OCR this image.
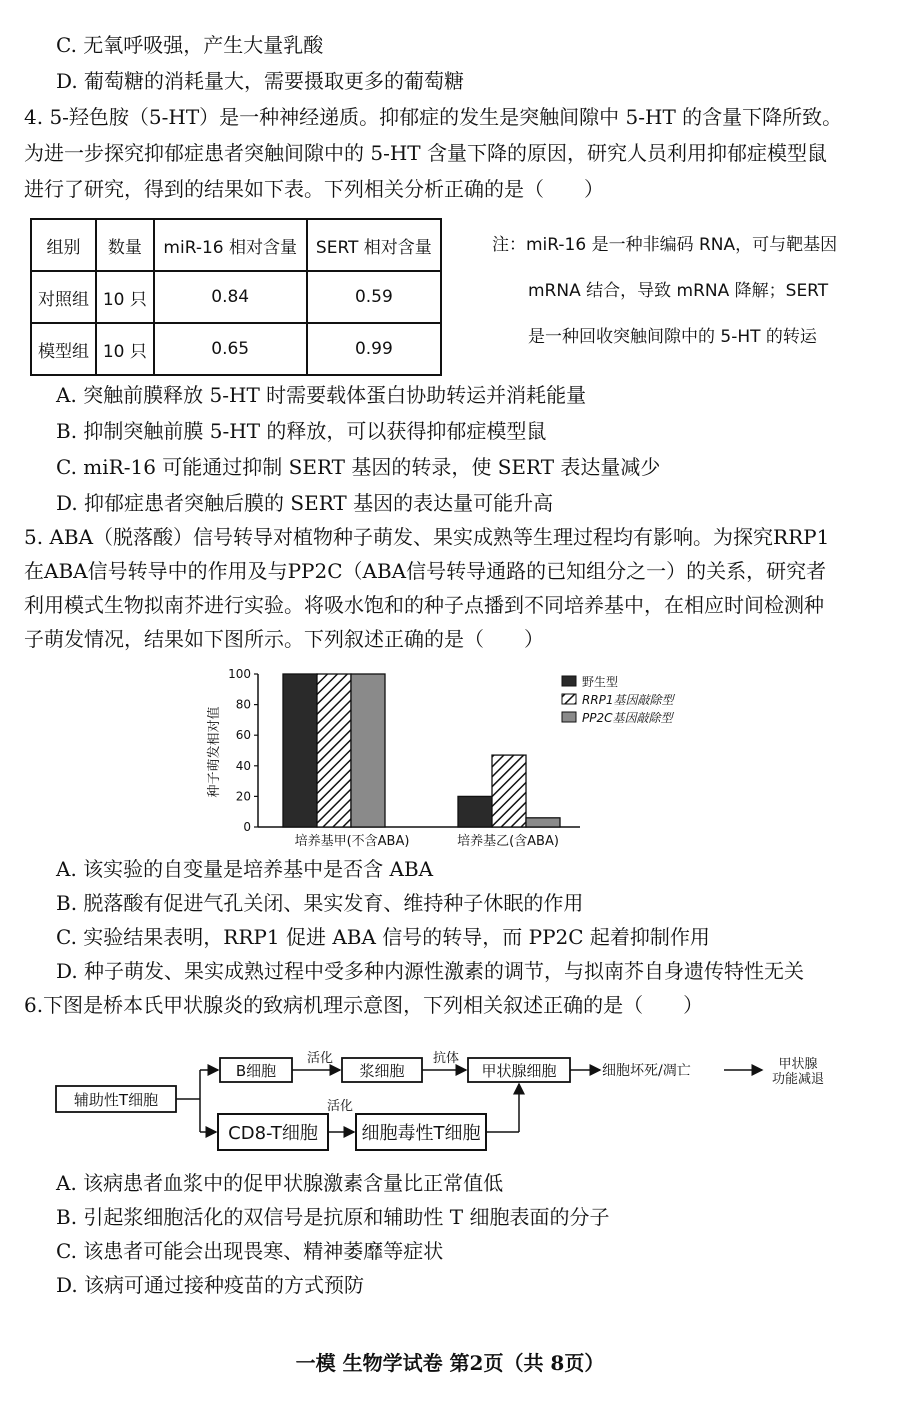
C. 无氧呼吸强，产生大量乳酸
D. 葡萄糖的消耗量大，需要摄取更多的葡萄糖
4. 5-羟色胺（5-HT）是一种神经递质。抑郁症的发生是突触间隙中 5-HT 的含量下降所致。
为进一步探究抑郁症患者突触间隙中的 5-HT 含量下降的原因，研究人员利用抑郁症模型鼠
进行了研究，得到的结果如下表。下列相关分析正确的是（　　）
组别	数量	miR-16 相对含量	SERT 相对含量
对照组	10 只	0.84	0.59
模型组	10 只	0.65	0.99
注：miR-16 是一种非编码 RNA，可与靶基因
mRNA 结合，导致 mRNA 降解；SERT
是一种回收突触间隙中的 5-HT 的转运
A. 突触前膜释放 5-HT 时需要载体蛋白协助转运并消耗能量
B. 抑制突触前膜 5-HT 的释放，可以获得抑郁症模型鼠
C. miR-16 可能通过抑制 SERT 基因的转录，使 SERT 表达量减少
D. 抑郁症患者突触后膜的 SERT 基因的表达量可能升高
5. ABA（脱落酸）信号转导对植物种子萌发、果实成熟等生理过程均有影响。为探究RRP1
在ABA信号转导中的作用及与PP2C（ABA信号转导通路的已知组分之一）的关系，研究者
利用模式生物拟南芥进行实验。将吸水饱和的种子点播到不同培养基中，在相应时间检测种
子萌发情况，结果如下图所示。下列叙述正确的是（　　）
种子萌发相对值
0
20
40
60
80
100
野生型
RRP1基因敲除型
PP2C基因敲除型
培养基甲(不含ABA)	培养基乙(含ABA)
A. 该实验的自变量是培养基中是否含 ABA
B. 脱落酸有促进气孔关闭、果实发育、维持种子休眠的作用
C. 实验结果表明，RRP1 促进 ABA 信号的转导，而 PP2C 起着抑制作用
D. 种子萌发、果实成熟过程中受多种内源性激素的调节，与拟南芥自身遗传特性无关
6.下图是桥本氏甲状腺炎的致病机理示意图，下列相关叙述正确的是（　　）
辅助性T细胞
B细胞
活化
浆细胞
抗体
甲状腺细胞	细胞坏死/凋亡	甲状腺
功能减退
CD8-T细胞
活化
细胞毒性T细胞
A. 该病患者血浆中的促甲状腺激素含量比正常值低
B. 引起浆细胞活化的双信号是抗原和辅助性 T 细胞表面的分子
C. 该患者可能会出现畏寒、精神萎靡等症状
D. 该病可通过接种疫苗的方式预防
一模 生物学试卷 第2页（共 8页）
